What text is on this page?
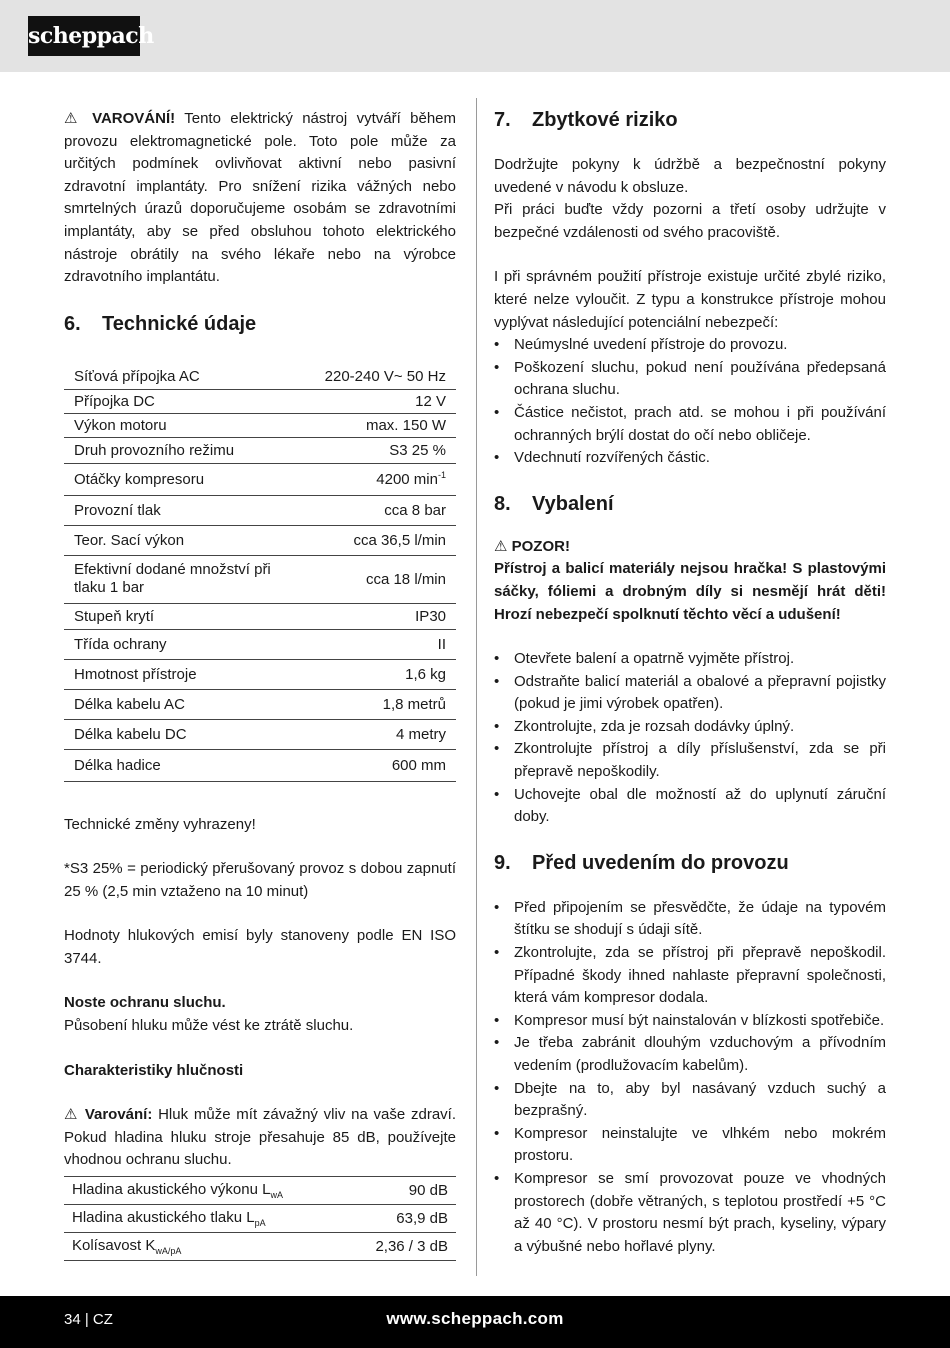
scheppach

⚠ VAROVÁNÍ! Tento elektrický nástroj vytváří během provozu elektromagnetické pole. Toto pole může za určitých podmínek ovlivňovat aktivní nebo pasivní zdravotní implantáty. Pro snížení rizika vážných nebo smrtelných úrazů doporučujeme osobám se zdravotními implantáty, aby se před obsluhou tohoto elektrického nástroje obrátily na svého lékaře nebo na výrobce zdravotního implantátu.

6.	Technické údaje
Síťová přípojka AC	220-240 V~ 50 Hz
Přípojka DC	12 V
Výkon motoru	max. 150 W
Druh provozního režimu	S3 25 %
Otáčky kompresoru	4200 $\min^{-1}$
Provozní tlak	cca 8 bar
Teor. Sací výkon	cca 36,5 l/min
Efektivní dodané množství při tlaku 1 bar	cca 18 l/min
Stupeň krytí	IP30
Třída ochrany	II
Hmotnost přístroje	1,6 kg
Délka kabelu AC	1,8 metrů
Délka kabelu DC	4 metry
Délka hadice	600 mm

Technické změny vyhrazeny!

*S3 25% = periodický přerušovaný provoz s dobou zapnutí 25 % (2,5 min vztaženo na 10 minut)

Hodnoty hlukových emisí byly stanoveny podle EN ISO 3744.

Noste ochranu sluchu.

Působení hluku může vést ke ztrátě sluchu.

Charakteristiky hlučnosti

⚠ Varování: Hluk může mít závažný vliv na vaše zdraví. Pokud hladina hluku stroje přesahuje 85 dB, používejte vhodnou ochranu sluchu.

Hladina akustického výkonu $L_{wA}$	90 dB
Hladina akustického tlaku $L_{pA}$	63,9 dB
Kolísavost $K_{wA/pA}$	2,36 / 3 dB
7.	Zbytkové riziko

Dodržujte pokyny k údržbě a bezpečnostní pokyny uvedené v návodu k obsluze.

Při práci buďte vždy pozorni a třetí osoby udržujte v bezpečné vzdálenosti od svého pracoviště.

I při správném použití přístroje existuje určité zbylé riziko, které nelze vyloučit. Z typu a konstrukce přístroje mohou vyplývat následující potenciální nebezpečí:

• Neúmyslné uvedení přístroje do provozu.
• Poškození sluchu, pokud není používána předepsaná ochrana sluchu.
• Částice nečistot, prach atd. se mohou i při používání ochranných brýlí dostat do očí nebo obličeje.
• Vdechnutí rozvířených částic.
8.	Vybalení

⚠ POZOR!

Přístroj a balicí materiály nejsou hračka! S plastovými sáčky, fóliemi a drobným díly si nesmějí hrát děti! Hrozí nebezpečí spolknutí těchto věcí a udušení!

• Otevřete balení a opatrně vyjměte přístroj.
• Odstraňte balicí materiál a obalové a přepravní pojistky (pokud je jimi výrobek opatřen).
• Zkontrolujte, zda je rozsah dodávky úplný.
• Zkontrolujte přístroj a díly příslušenství, zda se při přepravě nepoškodily.
• Uchovejte obal dle možností až do uplynutí záruční doby.
9.	Před uvedením do provozu
• Před připojením se přesvědčte, že údaje na typovém štítku se shodují s údaji sítě.
• Zkontrolujte, zda se přístroj při přepravě nepoškodil. Případné škody ihned nahlaste přepravní společnosti, která vám kompresor dodala.
• Kompresor musí být nainstalován v blízkosti spotřebiče.
• Je třeba zabránit dlouhým vzduchovým a přívodním vedením (prodlužovacím kabelům).
• Dbejte na to, aby byl nasávaný vzduch suchý a bezprašný.
• Kompresor neinstalujte ve vlhkém nebo mokrém prostoru.
• Kompresor se smí provozovat pouze ve vhodných prostorech (dobře větraných, s teplotou prostředí +5 °C až 40 °C). V prostoru nesmí být prach, kyseliny, výpary a výbušné nebo hořlavé plyny.
34 | CZ	www.scheppach.com
